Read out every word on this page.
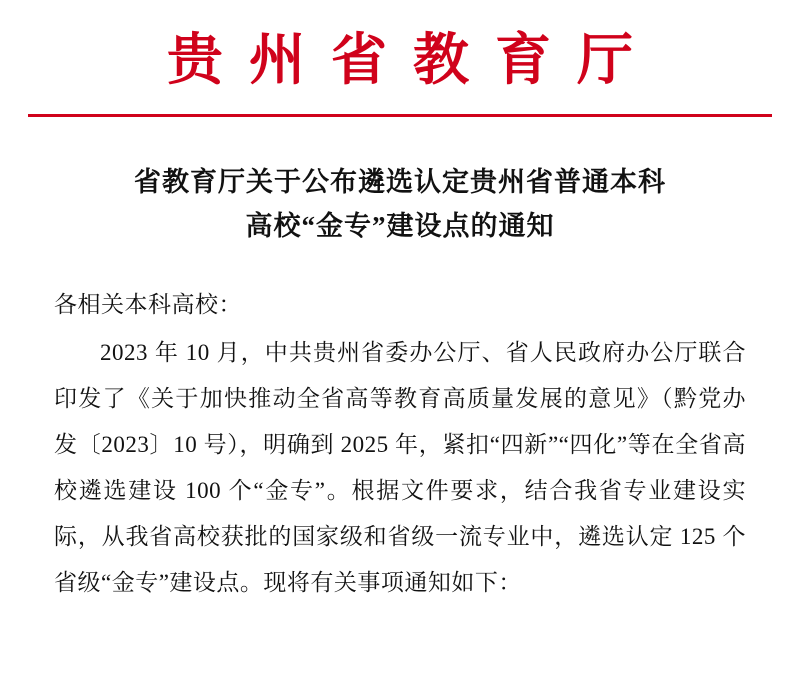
贵州省教育厅
省教育厅关于公布遴选认定贵州省普通本科
高校“金专”建设点的通知

各相关本科高校：

2023 年 10 月，中共贵州省委办公厅、省人民政府办公厅联合印发了《关于加快推动全省高等教育高质量发展的意见》（黔党办发〔2023〕10 号），明确到 2025 年，紧扣“四新”“四化”等在全省高校遴选建设 100 个“金专”。根据文件要求，结合我省专业建设实际，从我省高校获批的国家级和省级一流专业中，遴选认定 125 个省级“金专”建设点。现将有关事项通知如下：
